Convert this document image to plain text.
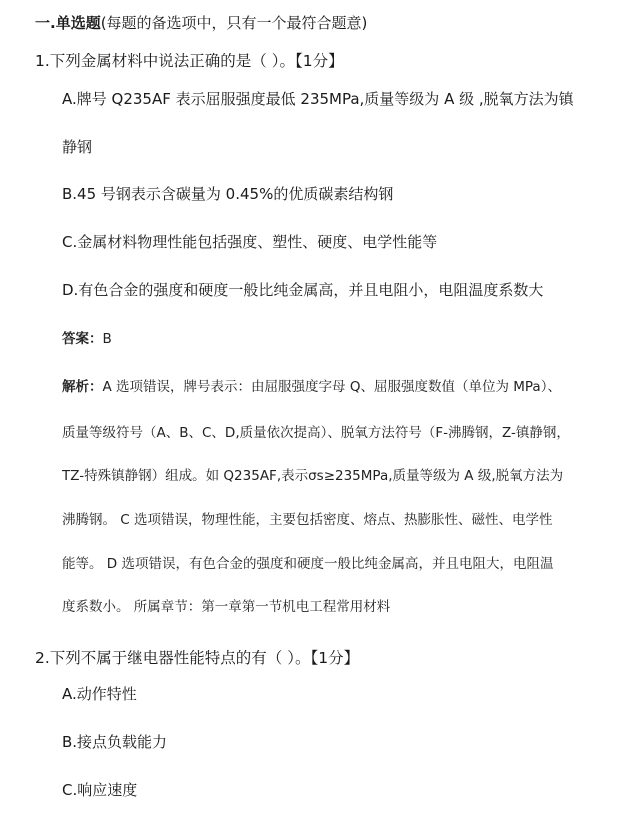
一.单选题(每题的备选项中，只有一个最符合题意)
1.下列金属材料中说法正确的是（ ）。【1分】
A.牌号 Q235AF 表示屈服强度最低 235MPa,质量等级为 A 级 ,脱氧方法为镇
静钢
B.45 号钢表示含碳量为 0.45%的优质碳素结构钢
C.金属材料物理性能包括强度、塑性、硬度、电学性能等
D.有色合金的强度和硬度一般比纯金属高，并且电阻小，电阻温度系数大
答案：B
解析：A 选项错误，牌号表示：由屈服强度字母 Q、屈服强度数值（单位为 MPa）、
质量等级符号（A、B、C、D,质量依次提高）、脱氧方法符号（F-沸腾钢，Z-镇静钢，
TZ-特殊镇静钢）组成。如 Q235AF,表示σs≥235MPa,质量等级为 A 级,脱氧方法为
沸腾钢。 C 选项错误，物理性能，主要包括密度、熔点、热膨胀性、磁性、电学性
能等。 D 选项错误，有色合金的强度和硬度一般比纯金属高，并且电阻大，电阻温
度系数小。 所属章节：第一章第一节机电工程常用材料
2.下列不属于继电器性能特点的有（ ）。【1分】
A.动作特性
B.接点负载能力
C.响应速度
